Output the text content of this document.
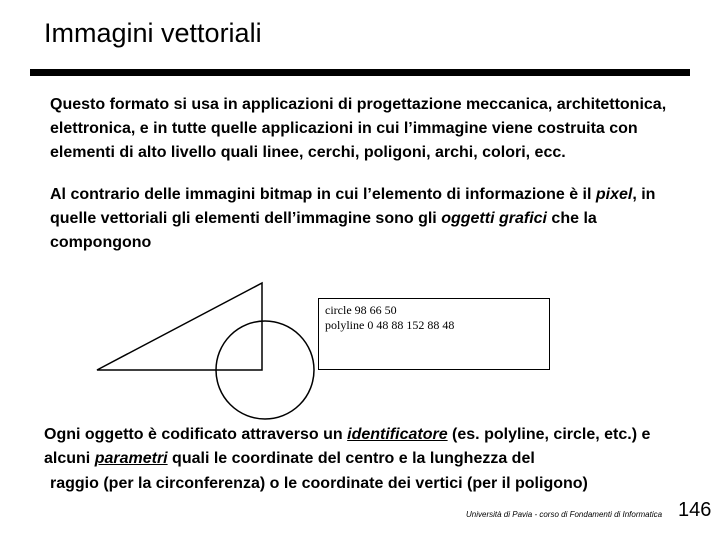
Immagini vettoriali

Questo formato si usa in applicazioni di progettazione meccanica, architettonica, elettronica, e in tutte quelle applicazioni in cui l’immagine viene costruita con elementi di alto livello quali linee, cerchi, poligoni, archi, colori, ecc.

Al contrario delle immagini bitmap in cui l’elemento di informazione è il pixel, in quelle vettoriali gli elementi dell’immagine sono gli oggetti grafici che la compongono

circle 98 66 50
polyline 0 48 88 152 88 48

Ogni oggetto è codificato attraverso un identificatore (es. polyline, circle, etc.) e alcuni parametri quali le coordinate del centro e la lunghezza del

raggio (per la circonferenza) o le coordinate dei vertici (per il poligono)

Università di Pavia - corso di Fondamenti di Informatica 146
